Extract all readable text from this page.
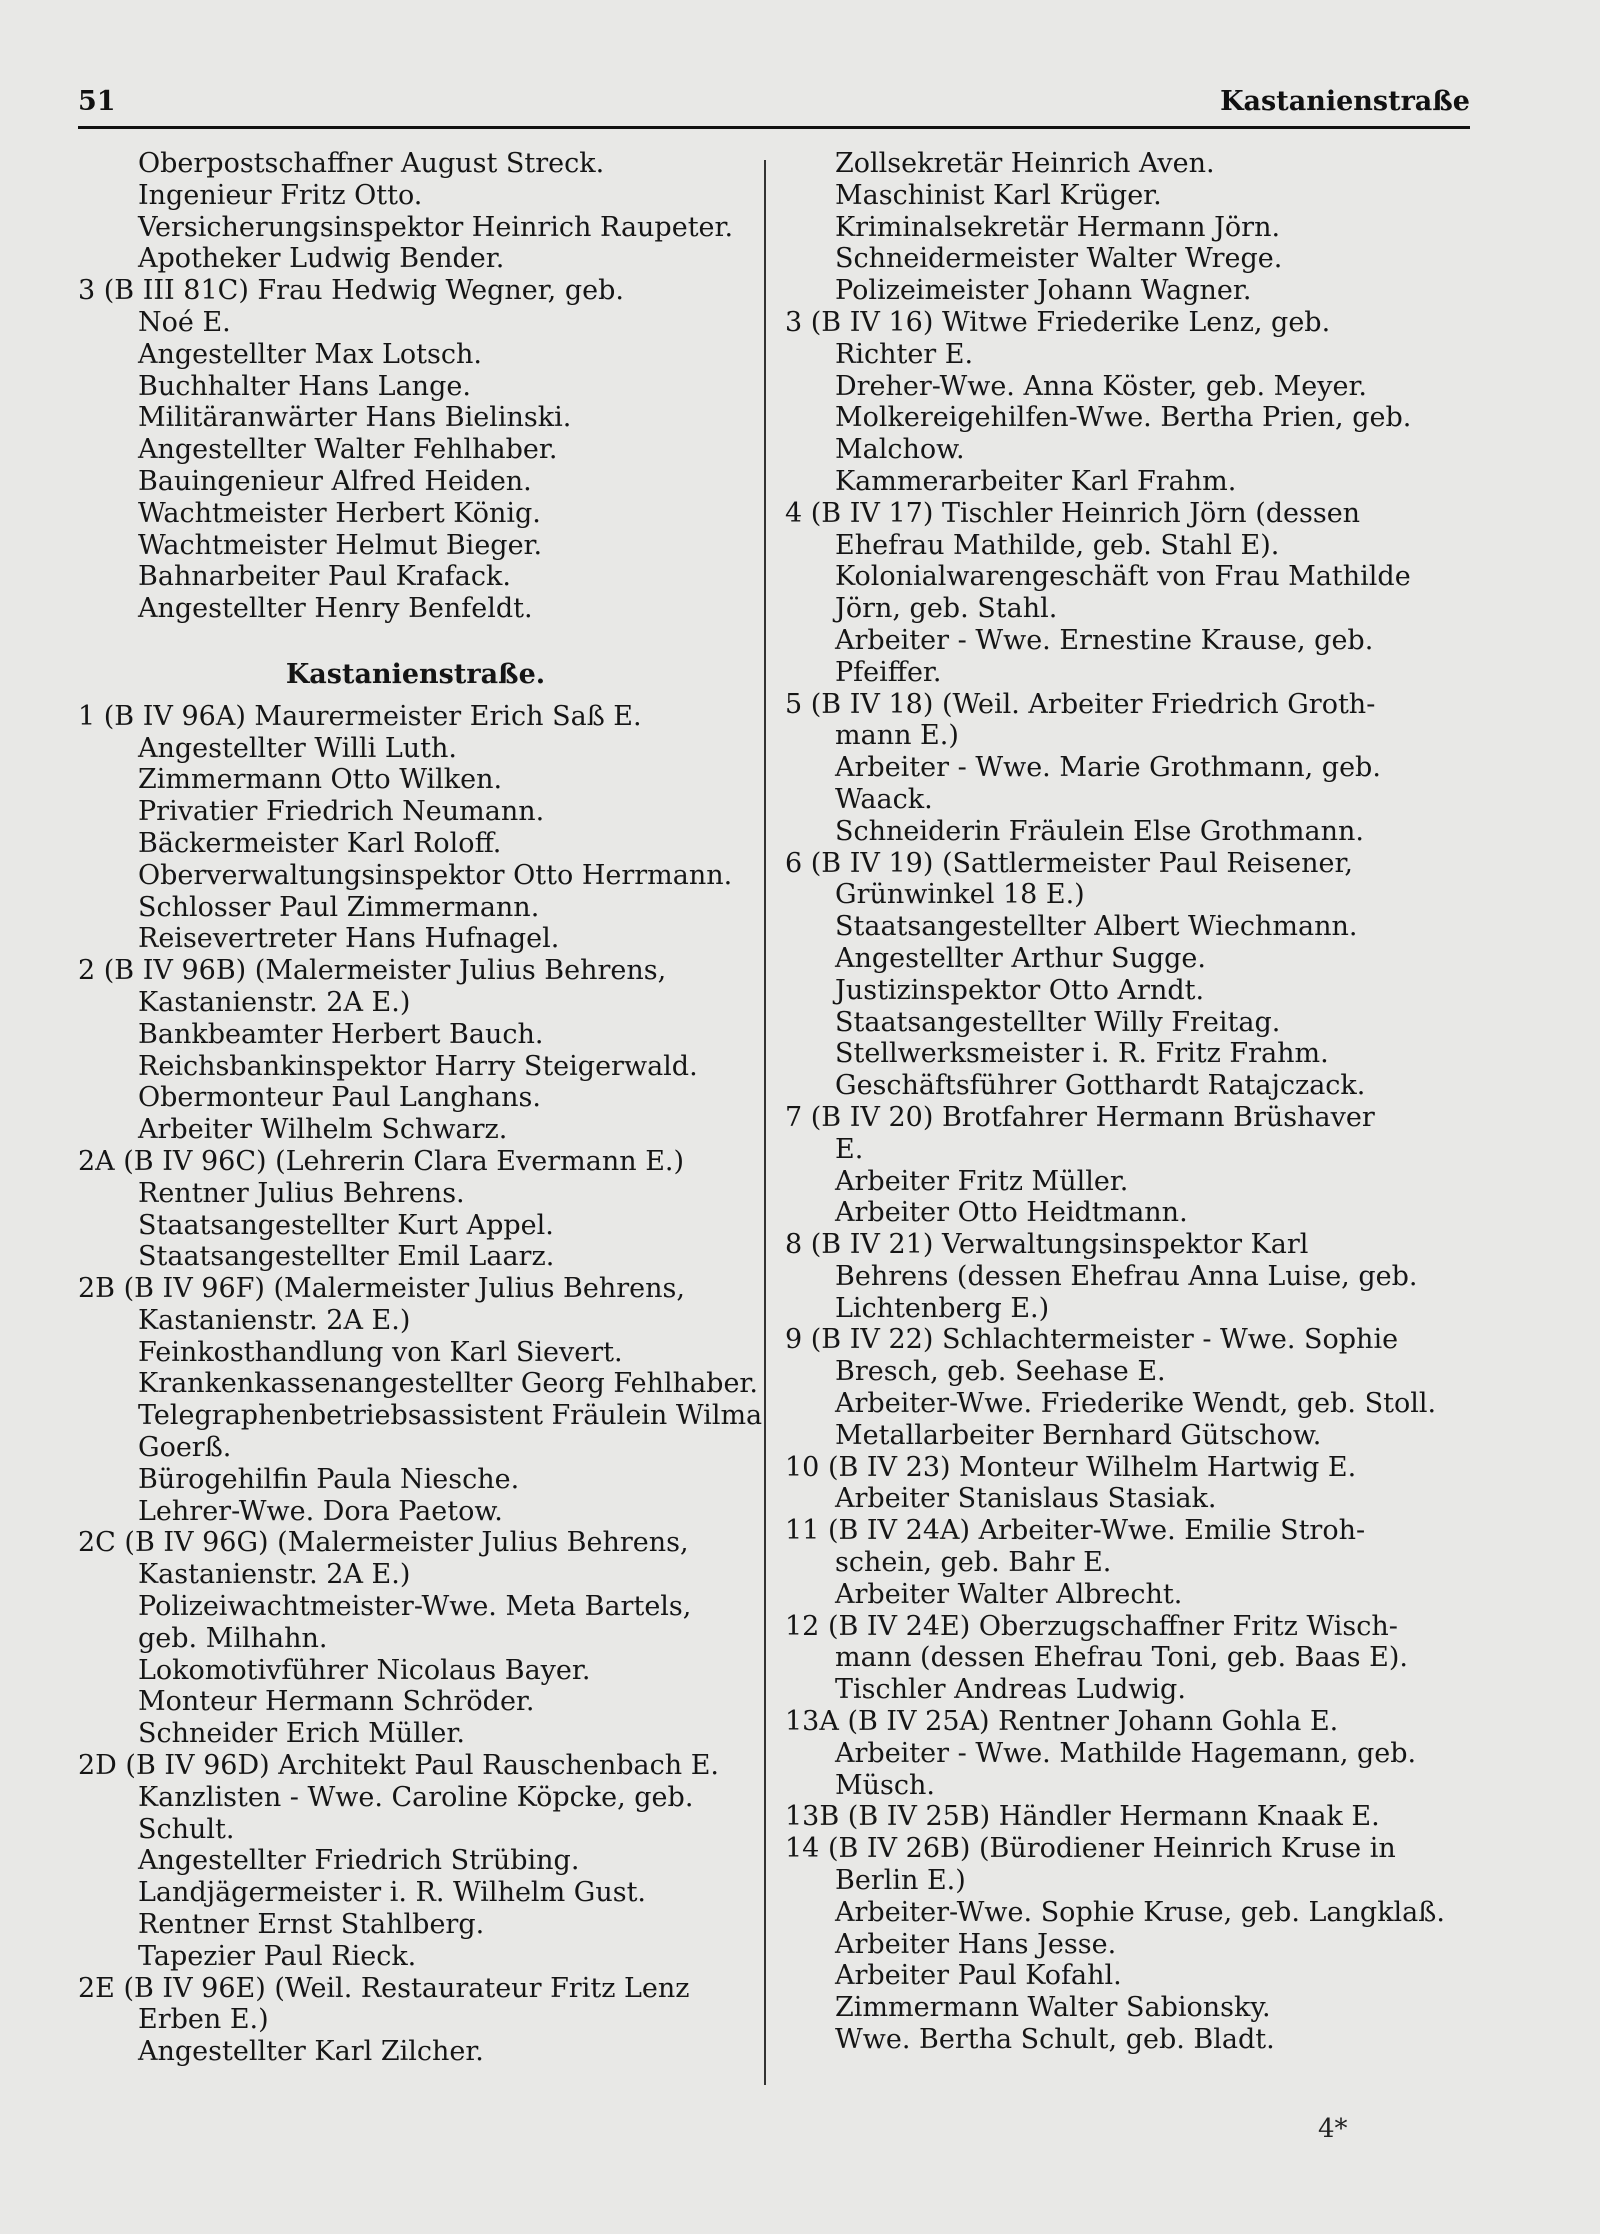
51	Kastanienstraße
Oberpostschaffner August Streck.
Ingenieur Fritz Otto.
Versicherungsinspektor Heinrich Raupeter.
Apotheker Ludwig Bender.
3 (B III 81C) Frau Hedwig Wegner, geb.
Noé E.
Angestellter Max Lotsch.
Buchhalter Hans Lange.
Militäranwärter Hans Bielinski.
Angestellter Walter Fehlhaber.
Bauingenieur Alfred Heiden.
Wachtmeister Herbert König.
Wachtmeister Helmut Bieger.
Bahnarbeiter Paul Krafack.
Angestellter Henry Benfeldt.
Kastanienstraße.
1 (B IV 96A) Maurermeister Erich Saß E.
Angestellter Willi Luth.
Zimmermann Otto Wilken.
Privatier Friedrich Neumann.
Bäckermeister Karl Roloff.
Oberverwaltungsinspektor Otto Herrmann.
Schlosser Paul Zimmermann.
Reisevertreter Hans Hufnagel.
2 (B IV 96B) (Malermeister Julius Behrens,
Kastanienstr. 2A E.)
Bankbeamter Herbert Bauch.
Reichsbankinspektor Harry Steigerwald.
Obermonteur Paul Langhans.
Arbeiter Wilhelm Schwarz.
2A (B IV 96C) (Lehrerin Clara Evermann E.)
Rentner Julius Behrens.
Staatsangestellter Kurt Appel.
Staatsangestellter Emil Laarz.
2B (B IV 96F) (Malermeister Julius Behrens,
Kastanienstr. 2A E.)
Feinkosthandlung von Karl Sievert.
Krankenkassenangestellter Georg Fehlhaber.
Telegraphenbetriebsassistent Fräulein Wilma
Goerß.
Bürogehilfin Paula Niesche.
Lehrer-Wwe. Dora Paetow.
2C (B IV 96G) (Malermeister Julius Behrens,
Kastanienstr. 2A E.)
Polizeiwachtmeister-Wwe. Meta Bartels,
geb. Milhahn.
Lokomotivführer Nicolaus Bayer.
Monteur Hermann Schröder.
Schneider Erich Müller.
2D (B IV 96D) Architekt Paul Rauschenbach E.
Kanzlisten - Wwe. Caroline Köpcke, geb.
Schult.
Angestellter Friedrich Strübing.
Landjägermeister i. R. Wilhelm Gust.
Rentner Ernst Stahlberg.
Tapezier Paul Rieck.
2E (B IV 96E) (Weil. Restaurateur Fritz Lenz
Erben E.)
Angestellter Karl Zilcher.
Zollsekretär Heinrich Aven.
Maschinist Karl Krüger.
Kriminalsekretär Hermann Jörn.
Schneidermeister Walter Wrege.
Polizeimeister Johann Wagner.
3 (B IV 16) Witwe Friederike Lenz, geb.
Richter E.
Dreher-Wwe. Anna Köster, geb. Meyer.
Molkereigehilfen-Wwe. Bertha Prien, geb.
Malchow.
Kammerarbeiter Karl Frahm.
4 (B IV 17) Tischler Heinrich Jörn (dessen
Ehefrau Mathilde, geb. Stahl E).
Kolonialwarengeschäft von Frau Mathilde
Jörn, geb. Stahl.
Arbeiter - Wwe. Ernestine Krause, geb.
Pfeiffer.
5 (B IV 18) (Weil. Arbeiter Friedrich Groth-
mann E.)
Arbeiter - Wwe. Marie Grothmann, geb.
Waack.
Schneiderin Fräulein Else Grothmann.
6 (B IV 19) (Sattlermeister Paul Reisener,
Grünwinkel 18 E.)
Staatsangestellter Albert Wiechmann.
Angestellter Arthur Sugge.
Justizinspektor Otto Arndt.
Staatsangestellter Willy Freitag.
Stellwerksmeister i. R. Fritz Frahm.
Geschäftsführer Gotthardt Ratajczack.
7 (B IV 20) Brotfahrer Hermann Brüshaver
E.
Arbeiter Fritz Müller.
Arbeiter Otto Heidtmann.
8 (B IV 21) Verwaltungsinspektor Karl
Behrens (dessen Ehefrau Anna Luise, geb.
Lichtenberg E.)
9 (B IV 22) Schlachtermeister - Wwe. Sophie
Bresch, geb. Seehase E.
Arbeiter-Wwe. Friederike Wendt, geb. Stoll.
Metallarbeiter Bernhard Gütschow.
10 (B IV 23) Monteur Wilhelm Hartwig E.
Arbeiter Stanislaus Stasiak.
11 (B IV 24A) Arbeiter-Wwe. Emilie Stroh-
schein, geb. Bahr E.
Arbeiter Walter Albrecht.
12 (B IV 24E) Oberzugschaffner Fritz Wisch-
mann (dessen Ehefrau Toni, geb. Baas E).
Tischler Andreas Ludwig.
13A (B IV 25A) Rentner Johann Gohla E.
Arbeiter - Wwe. Mathilde Hagemann, geb.
Müsch.
13B (B IV 25B) Händler Hermann Knaak E.
14 (B IV 26B) (Bürodiener Heinrich Kruse in
Berlin E.)
Arbeiter-Wwe. Sophie Kruse, geb. Langklaß.
Arbeiter Hans Jesse.
Arbeiter Paul Kofahl.
Zimmermann Walter Sabionsky.
Wwe. Bertha Schult, geb. Bladt.
4*
